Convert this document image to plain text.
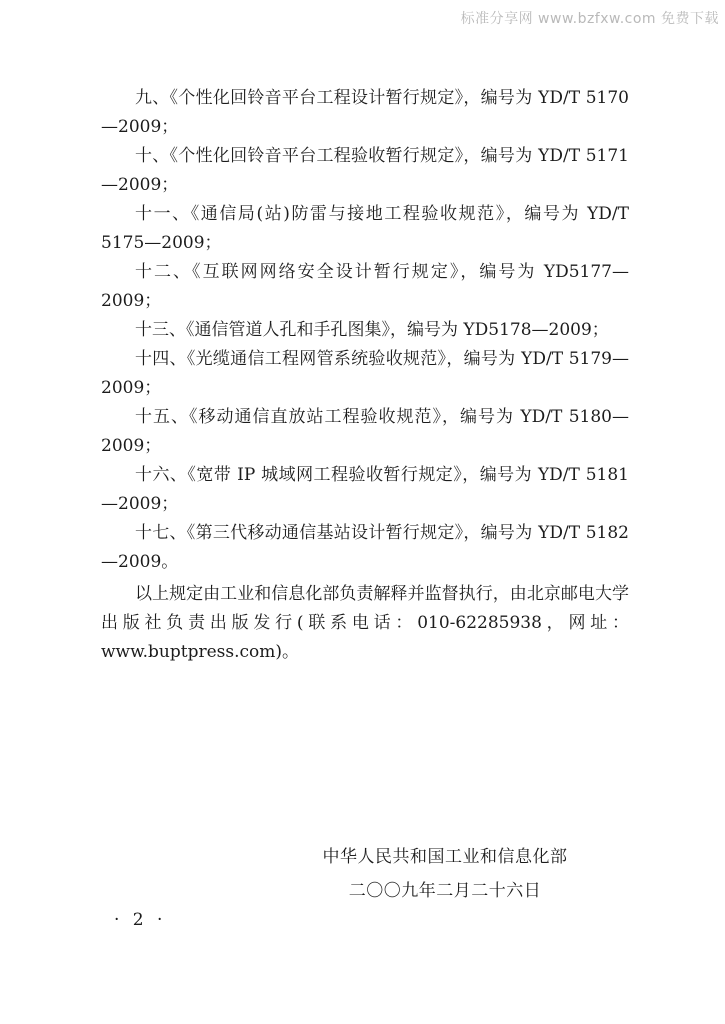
标准分享网 www.bzfxw.com 免费下载

九、《个性化回铃音平台工程设计暂行规定》，编号为 YD/T 5170—2009；

十、《个性化回铃音平台工程验收暂行规定》，编号为 YD/T 5171—2009；

十一、《通信局(站)防雷与接地工程验收规范》，编号为 YD/T 5175—2009；

十二、《互联网网络安全设计暂行规定》，编号为 YD5177—2009；

十三、《通信管道人孔和手孔图集》，编号为 YD5178—2009；

十四、《光缆通信工程网管系统验收规范》，编号为 YD/T 5179—2009；

十五、《移动通信直放站工程验收规范》，编号为 YD/T 5180—2009；

十六、《宽带 IP 城域网工程验收暂行规定》，编号为 YD/T 5181—2009；

十七、《第三代移动通信基站设计暂行规定》，编号为 YD/T 5182—2009。

以上规定由工业和信息化部负责解释并监督执行，由北京邮电大学出版社负责出版发行(联系电话：010-62285938，网址：www.buptpress.com)。

中华人民共和国工业和信息化部
二〇〇九年二月二十六日
· 2 ·
